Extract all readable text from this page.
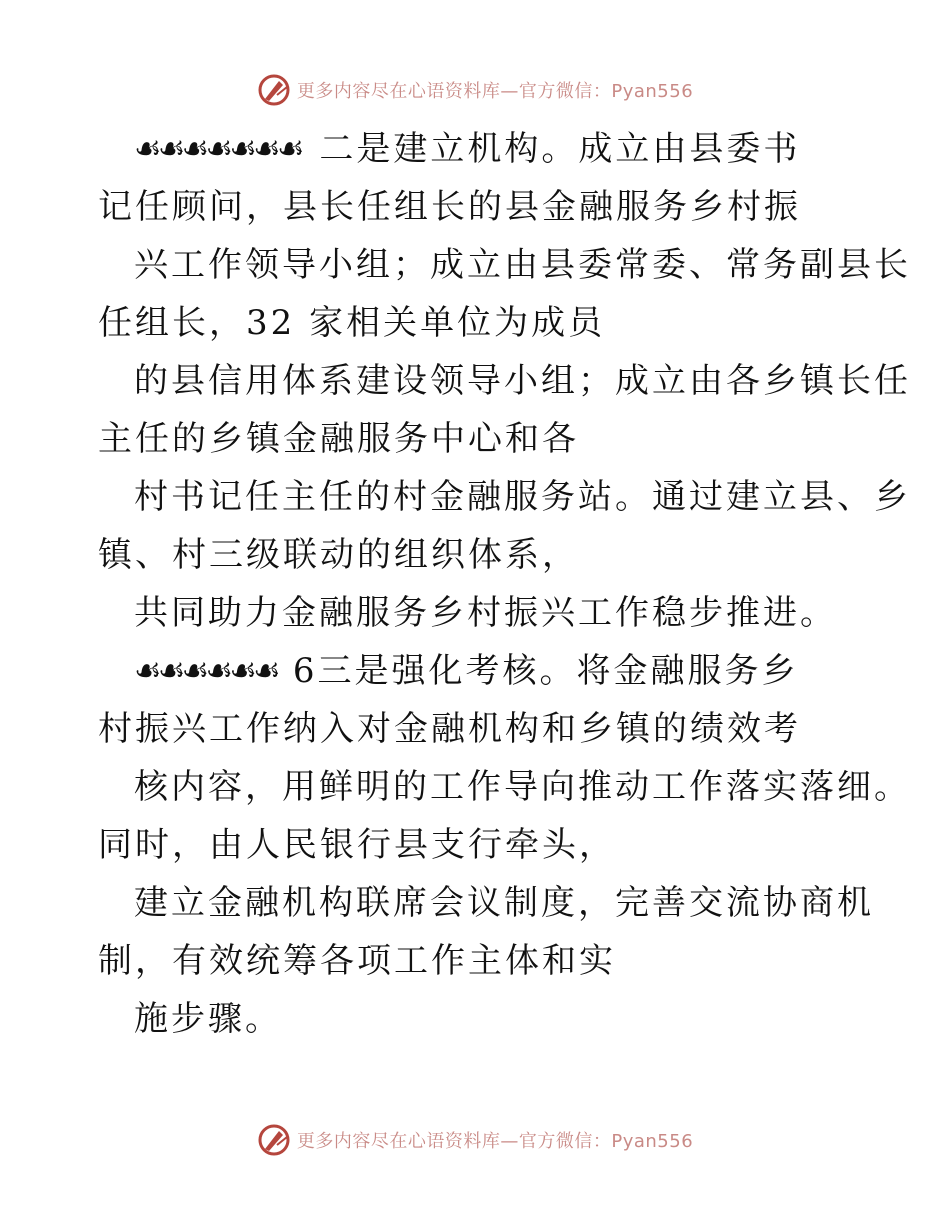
更多内容尽在心语资料库—官方微信：Pyan556
☙☙☙☙☙☙☙ 二是建立机构。成立由县委书
记任顾问，县长任组长的县金融服务乡村振
兴工作领导小组；成立由县委常委、常务副县长
任组长，32 家相关单位为成员
的县信用体系建设领导小组；成立由各乡镇长任
主任的乡镇金融服务中心和各
村书记任主任的村金融服务站。通过建立县、乡
镇、村三级联动的组织体系，
共同助力金融服务乡村振兴工作稳步推进。
☙☙☙☙☙☙ 6三是强化考核。将金融服务乡
村振兴工作纳入对金融机构和乡镇的绩效考
核内容，用鲜明的工作导向推动工作落实落细。
同时，由人民银行县支行牵头，
建立金融机构联席会议制度，完善交流协商机
制，有效统筹各项工作主体和实
施步骤。
更多内容尽在心语资料库—官方微信：Pyan556
